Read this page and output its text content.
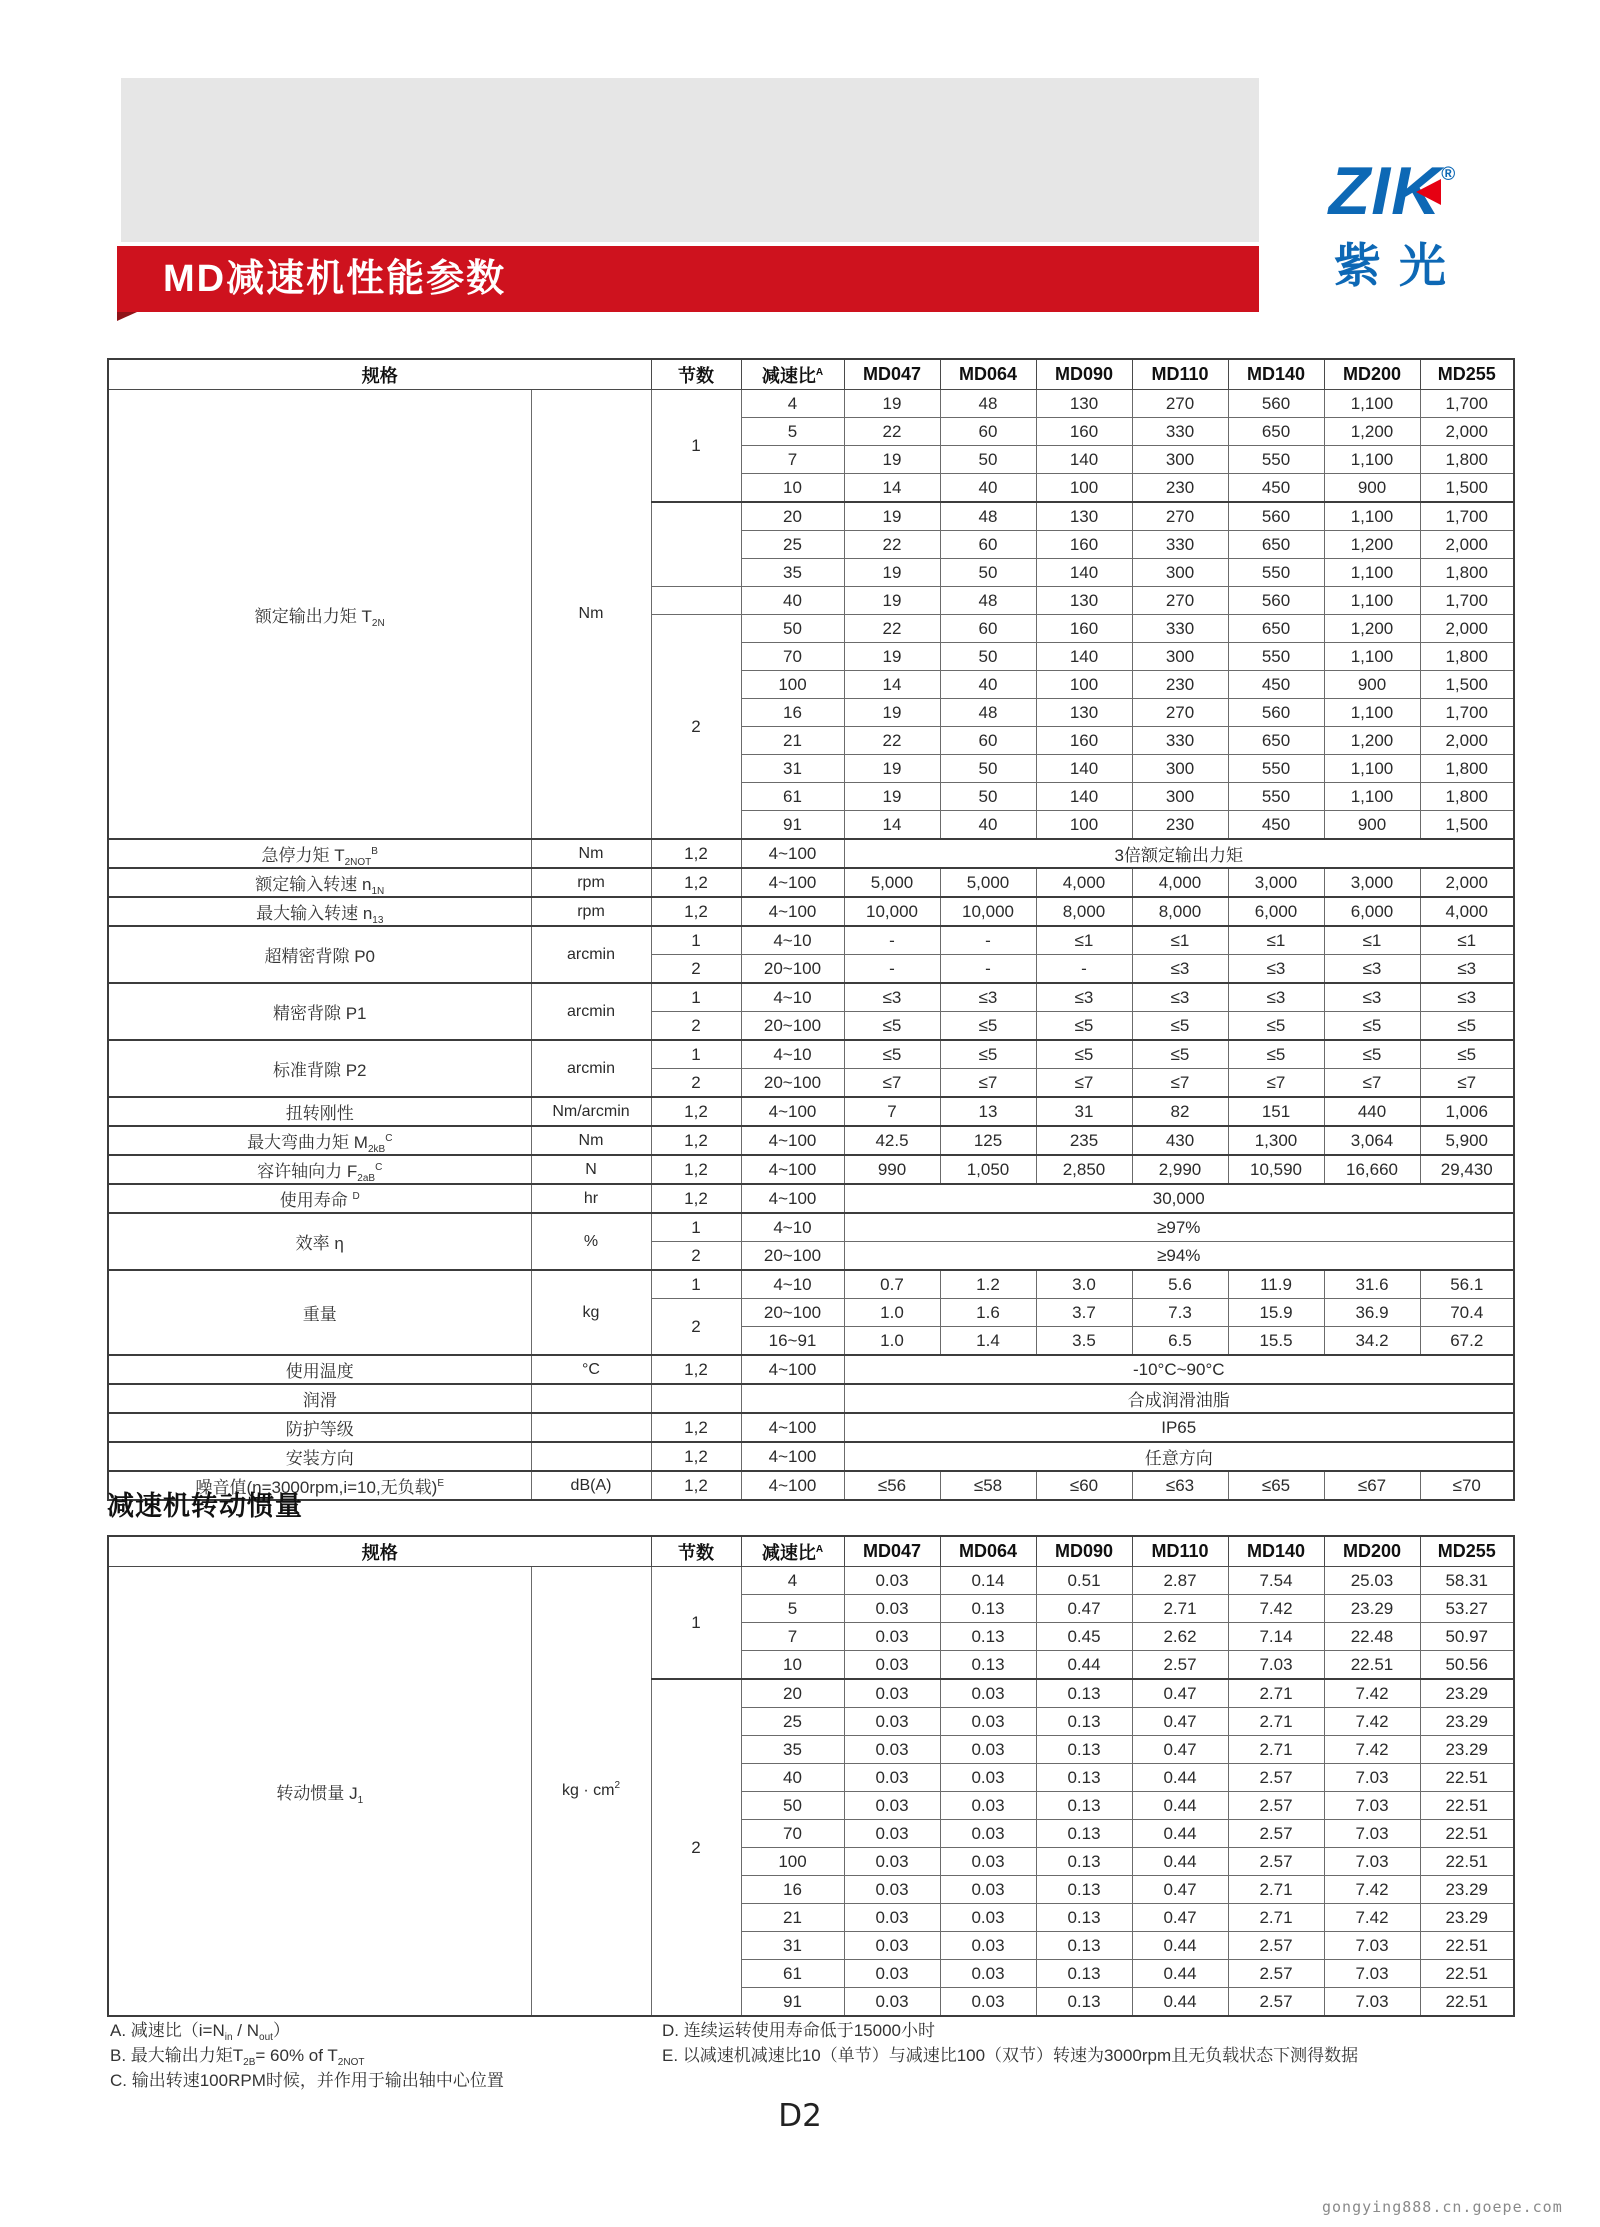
MD减速机性能参数
ZIK®
紫光
规格		节数	减速比$^A$	MD047	MD064	MD090	MD110	MD140	MD200	MD255
额定输出力矩 $T_{2N}$	Nm	1	4	19	48	130	270	560	1,100	1,700
			5	22	60	160	330	650	1,200	2,000
			7	19	50	140	300	550	1,100	1,800
			10	14	40	100	230	450	900	1,500
			20	19	48	130	270	560	1,100	1,700
			25	22	60	160	330	650	1,200	2,000
			35	19	50	140	300	550	1,100	1,800
			40	19	48	130	270	560	1,100	1,700
		2	50	22	60	160	330	650	1,200	2,000
			70	19	50	140	300	550	1,100	1,800
			100	14	40	100	230	450	900	1,500
			16	19	48	130	270	560	1,100	1,700
			21	22	60	160	330	650	1,200	2,000
			31	19	50	140	300	550	1,100	1,800
			61	19	50	140	300	550	1,100	1,800
			91	14	40	100	230	450	900	1,500
急停力矩 $T_{2NOT}^B$	Nm	1,2	4~100	3倍额定输出力矩						
额定输入转速 $n_{1N}$	rpm	1,2	4~100	5,000	5,000	4,000	4,000	3,000	3,000	2,000
最大输入转速 $n_{13}$	rpm	1,2	4~100	10,000	10,000	8,000	8,000	6,000	6,000	4,000
超精密背隙 P0	arcmin	1	4~10	-	-	≤1	≤1	≤1	≤1	≤1
		2	20~100	-	-	-	≤3	≤3	≤3	≤3
精密背隙 P1	arcmin	1	4~10	≤3	≤3	≤3	≤3	≤3	≤3	≤3
		2	20~100	≤5	≤5	≤5	≤5	≤5	≤5	≤5
标准背隙 P2	arcmin	1	4~10	≤5	≤5	≤5	≤5	≤5	≤5	≤5
		2	20~100	≤7	≤7	≤7	≤7	≤7	≤7	≤7
扭转刚性	Nm/arcmin	1,2	4~100	7	13	31	82	151	440	1,006
最大弯曲力矩 $M_{2kB}^C$	Nm	1,2	4~100	42.5	125	235	430	1,300	3,064	5,900
容许轴向力 $F_{2aB}^C$	N	1,2	4~100	990	1,050	2,850	2,990	10,590	16,660	29,430
使用寿命 $^D$	hr	1,2	4~100	30,000						
效率 η	%	1	4~10	≥97%						
		2	20~100	≥94%						
重量	kg	1	4~10	0.7	1.2	3.0	5.6	11.9	31.6	56.1
		2	20~100	1.0	1.6	3.7	7.3	15.9	36.9	70.4
			16~91	1.0	1.4	3.5	6.5	15.5	34.2	67.2
使用温度	°C	1,2	4~100	-10°C~90°C						
润滑				合成润滑油脂						
防护等级		1,2	4~100	IP65						
安装方向		1,2	4~100	任意方向						
噪音值(n=3000rpm,i=10,无负载)$^E$	dB(A)	1,2	4~100	≤56	≤58	≤60	≤63	≤65	≤67	≤70
减速机转动惯量
规格		节数	减速比$^A$	MD047	MD064	MD090	MD110	MD140	MD200	MD255
转动惯量 $J_1$	kg · $cm^2$	1	4	0.03	0.14	0.51	2.87	7.54	25.03	58.31
			5	0.03	0.13	0.47	2.71	7.42	23.29	53.27
			7	0.03	0.13	0.45	2.62	7.14	22.48	50.97
			10	0.03	0.13	0.44	2.57	7.03	22.51	50.56
		2	20	0.03	0.03	0.13	0.47	2.71	7.42	23.29
			25	0.03	0.03	0.13	0.47	2.71	7.42	23.29
			35	0.03	0.03	0.13	0.47	2.71	7.42	23.29
			40	0.03	0.03	0.13	0.44	2.57	7.03	22.51
			50	0.03	0.03	0.13	0.44	2.57	7.03	22.51
			70	0.03	0.03	0.13	0.44	2.57	7.03	22.51
			100	0.03	0.03	0.13	0.44	2.57	7.03	22.51
			16	0.03	0.03	0.13	0.47	2.71	7.42	23.29
			21	0.03	0.03	0.13	0.47	2.71	7.42	23.29
			31	0.03	0.03	0.13	0.44	2.57	7.03	22.51
			61	0.03	0.03	0.13	0.44	2.57	7.03	22.51
			91	0.03	0.03	0.13	0.44	2.57	7.03	22.51
A. 减速比$(i=N_{in} / N_{out})$
B. 最大输出力矩$T_{2B}= 60\%$ of $T_{2NOT}$
C. 输出转速100RPM时候，并作用于输出轴中心位置
D. 连续运转使用寿命低于15000小时
E. 以减速机减速比10（单节）与减速比100（双节）转速为3000rpm且无负载状态下测得数据
D2
gongying888.cn.goepe.com
